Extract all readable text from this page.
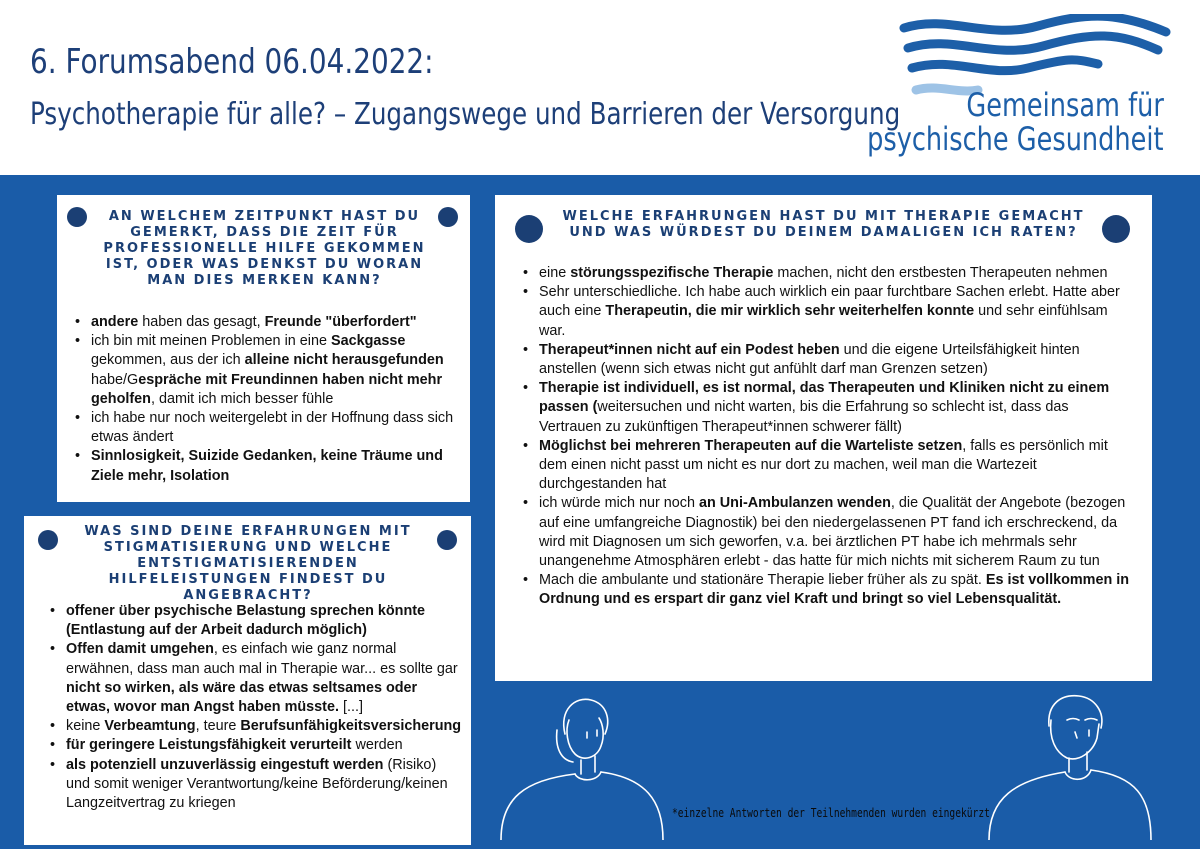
6. Forumsabend 06.04.2022:
Psychotherapie für alle? – Zugangswege und Barrieren der Versorgung Gemeinsam für
psychische Gesundheit
AN WELCHEM ZEITPUNKT HAST DU GEMERKT, DASS DIE ZEIT FÜR PROFESSIONELLE HILFE GEKOMMEN IST, ODER WAS DENKST DU WORAN MAN DIES MERKEN KANN?
• andere haben das gesagt, Freunde "überfordert"
• ich bin mit meinen Problemen in eine Sackgasse gekommen, aus der ich alleine nicht herausgefunden habe/Gespräche mit Freundinnen haben nicht mehr geholfen, damit ich mich besser fühle
• ich habe nur noch weitergelebt in der Hoffnung dass sich etwas ändert
• Sinnlosigkeit, Suizide Gedanken, keine Träume und Ziele mehr, Isolation
WAS SIND DEINE ERFAHRUNGEN MIT STIGMATISIERUNG UND WELCHE ENTSTIGMATISIERENDEN HILFELEISTUNGEN FINDEST DU ANGEBRACHT?
• offener über psychische Belastung sprechen könnte (Entlastung auf der Arbeit dadurch möglich)
• Offen damit umgehen, es einfach wie ganz normal erwähnen, dass man auch mal in Therapie war... es sollte gar nicht so wirken, als wäre das etwas seltsames oder etwas, wovor man Angst haben müsste. [...]
• keine Verbeamtung, teure Berufsunfähigkeitsversicherung
• für geringere Leistungsfähigkeit verurteilt werden
• als potenziell unzuverlässig eingestuft werden (Risiko) und somit weniger Verantwortung/keine Beförderung/keinen Langzeitvertrag zu kriegen
WELCHE ERFAHRUNGEN HAST DU MIT THERAPIE GEMACHT UND WAS WÜRDEST DU DEINEM DAMALIGEN ICH RATEN?
• eine störungsspezifische Therapie machen, nicht den erstbesten Therapeuten nehmen
• Sehr unterschiedliche. Ich habe auch wirklich ein paar furchtbare Sachen erlebt. Hatte aber auch eine Therapeutin, die mir wirklich sehr weiterhelfen konnte und sehr einfühlsam war.
• Therapeut*innen nicht auf ein Podest heben und die eigene Urteilsfähigkeit hinten anstellen (wenn sich etwas nicht gut anfühlt darf man Grenzen setzen)
• Therapie ist individuell, es ist normal, das Therapeuten und Kliniken nicht zu einem passen (weitersuchen und nicht warten, bis die Erfahrung so schlecht ist, dass das Vertrauen zu zukünftigen Therapeut*innen schwerer fällt)
• Möglichst bei mehreren Therapeuten auf die Warteliste setzen, falls es persönlich mit dem einen nicht passt um nicht es nur dort zu machen, weil man die Wartezeit durchgestanden hat
• ich würde mich nur noch an Uni-Ambulanzen wenden, die Qualität der Angebote (bezogen auf eine umfangreiche Diagnostik) bei den niedergelassenen PT fand ich erschreckend, da wird mit Diagnosen um sich geworfen, v.a. bei ärztlichen PT habe ich mehrmals sehr unangenehme Atmosphären erlebt - das hatte für mich nichts mit sicherem Raum zu tun
• Mach die ambulante und stationäre Therapie lieber früher als zu spät. Es ist vollkommen in Ordnung und es erspart dir ganz viel Kraft und bringt so viel Lebensqualität.
*einzelne Antworten der Teilnehmenden wurden eingekürzt
